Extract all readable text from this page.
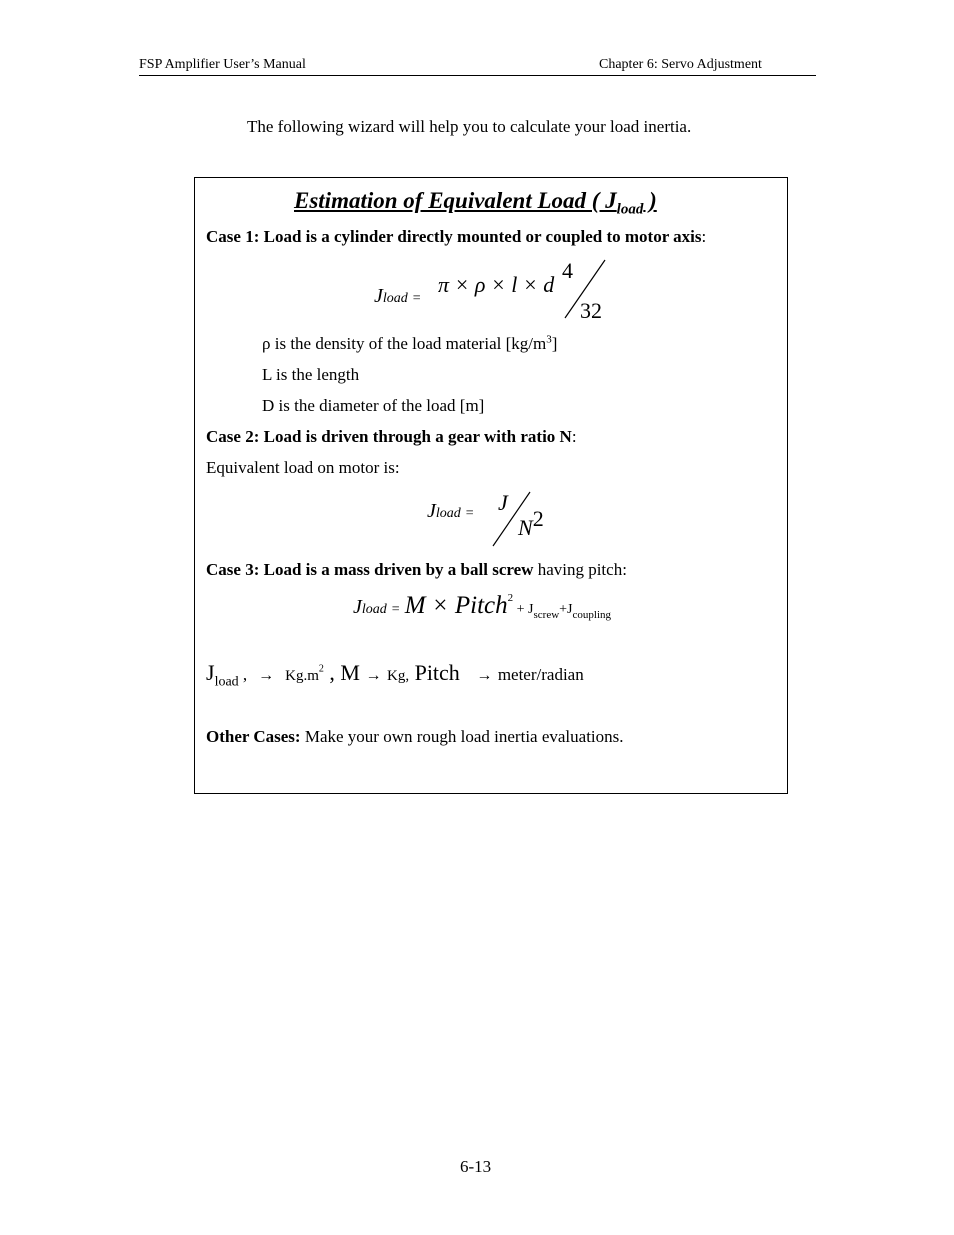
FSP Amplifier User’s Manual	Chapter 6: Servo Adjustment
The following wizard will help you to calculate your load inertia.
Estimation of Equivalent Load ( $J_{load}$ )
Case 1: Load is a cylinder directly mounted or coupled to motor axis:
Jload =
π × ρ × l × d
4
32
ρ is the density of the load material $[kg/m^3]$
L is the length
D is the diameter of the load [m]
Case 2: Load is driven through a gear with ratio N:
Equivalent load on motor is:
Jload = J
N2
Case 3: Load is a mass driven by a ball screw having pitch:
Jload = M × Pitch$^2$ + $J_{screw}+J_{coupling}$
$J_{load}$ , → $Kg.m^2$ , M → Kg, Pitch → meter/radian
Other Cases: Make your own rough load inertia evaluations.
6-13
